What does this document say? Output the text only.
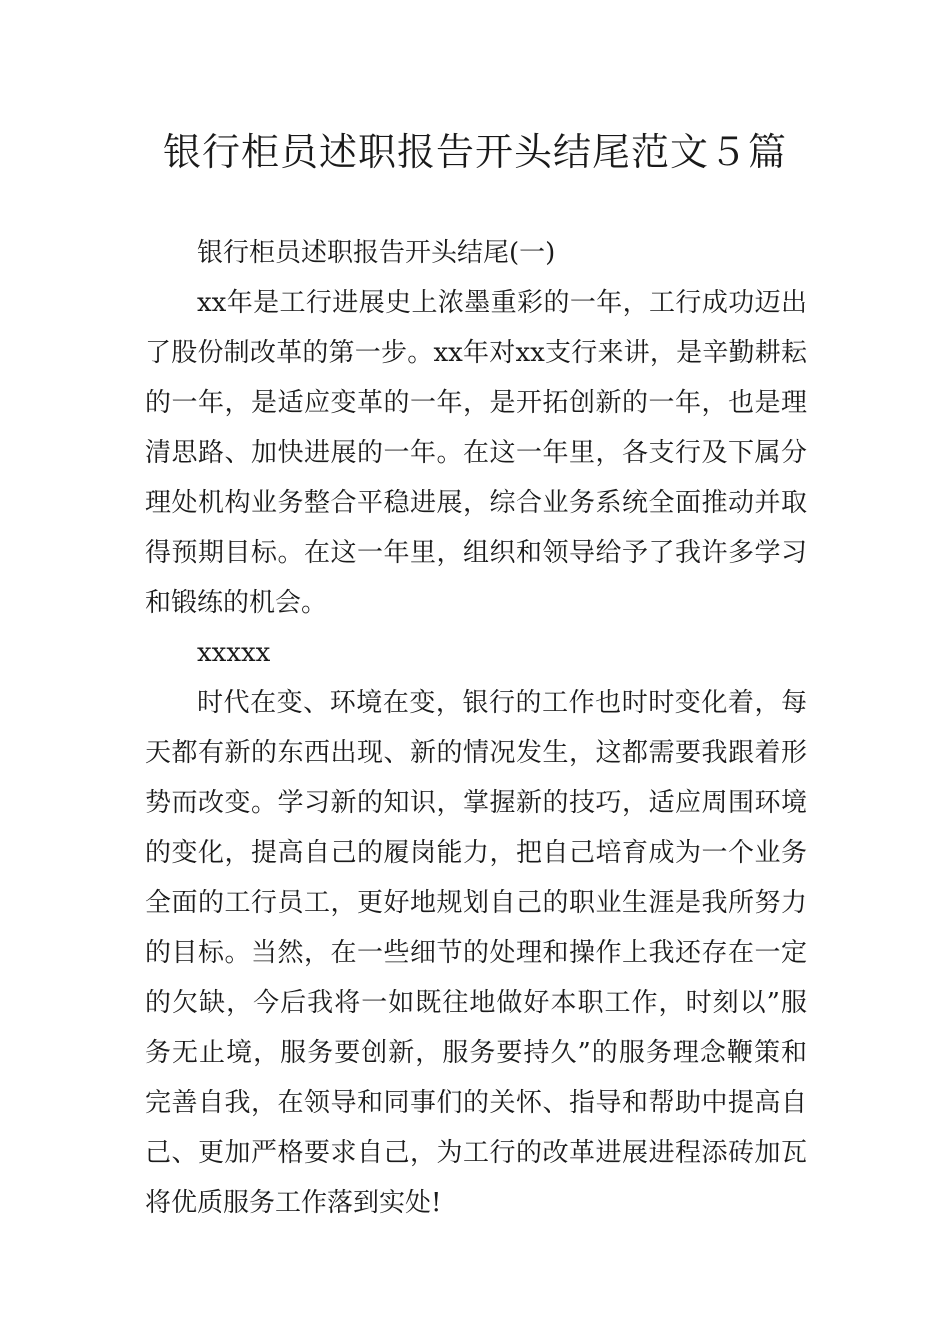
银行柜员述职报告开头结尾范文５篇

银行柜员述职报告开头结尾(一)

xx年是工行进展史上浓墨重彩的一年，工行成功迈出了股份制改革的第一步。xx年对xx支行来讲，是辛勤耕耘的一年，是适应变革的一年，是开拓创新的一年，也是理清思路、加快进展的一年。在这一年里，各支行及下属分理处机构业务整合平稳进展，综合业务系统全面推动并取得预期目标。在这一年里，组织和领导给予了我许多学习和锻练的机会。

xxxxx

时代在变、环境在变，银行的工作也时时变化着，每天都有新的东西出现、新的情况发生，这都需要我跟着形势而改变。学习新的知识，掌握新的技巧，适应周围环境的变化，提高自己的履岗能力，把自己培育成为一个业务全面的工行员工，更好地规划自己的职业生涯是我所努力的目标。当然，在一些细节的处理和操作上我还存在一定的欠缺，今后我将一如既往地做好本职工作，时刻以”服务无止境，服务要创新，服务要持久”的服务理念鞭策和完善自我，在领导和同事们的关怀、指导和帮助中提高自己、更加严格要求自己，为工行的改革进展进程添砖加瓦将优质服务工作落到实处!
